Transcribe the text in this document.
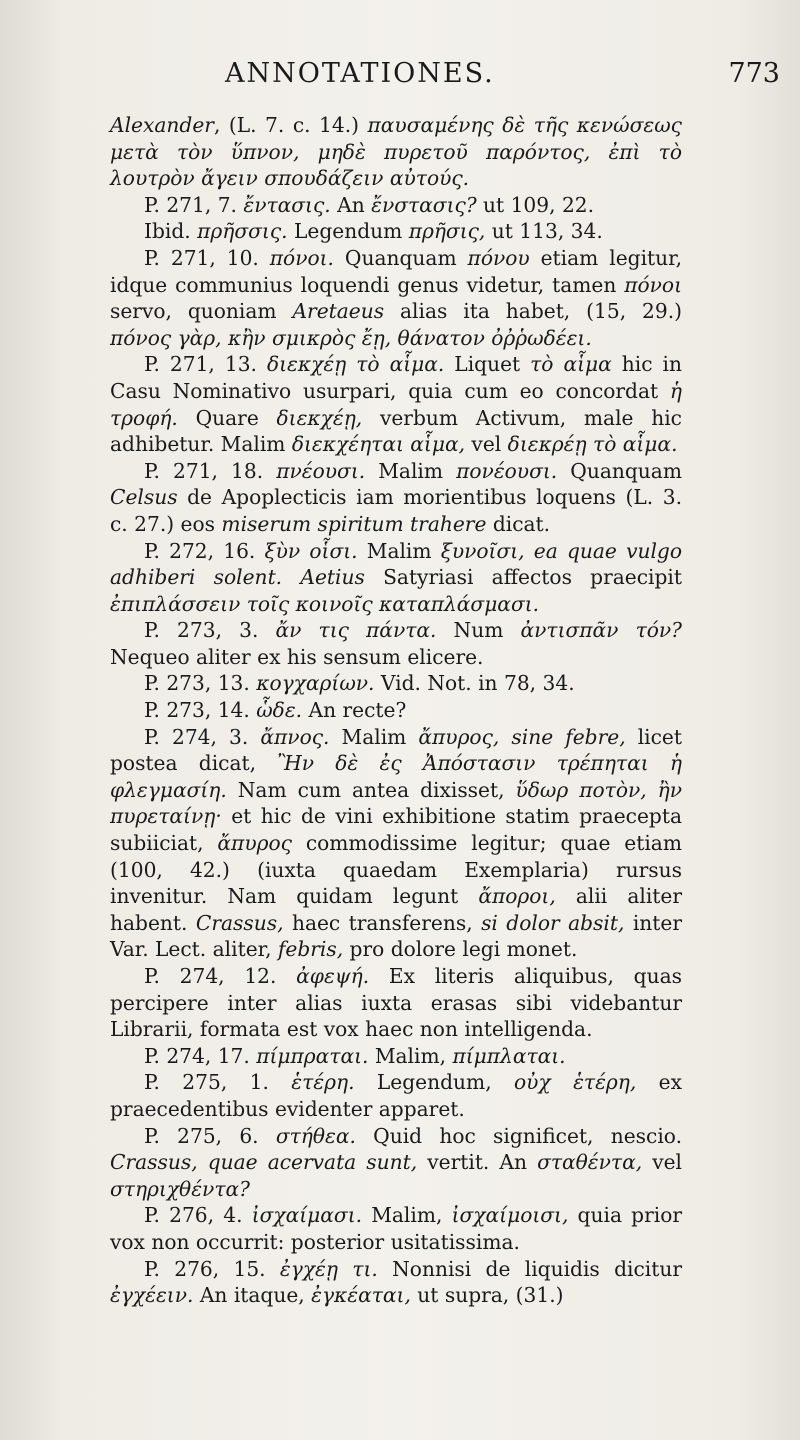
ANNOTATIONES.	773

Alexander, (L. 7. c. 14.) παυσαμένης δὲ τῆς κενώσεως μετὰ τὸν ὕπνον, μηδὲ πυρετοῦ παρόντος, ἐπὶ τὸ λουτρὸν ἄγειν σπουδάζειν αὐτούς.

P. 271, 7. ἔντασις. An ἔνστασις? ut 109, 22.

Ibid. πρῆσσις. Legendum πρῆσις, ut 113, 34.

P. 271, 10. πόνοι. Quanquam πόνου etiam legitur, idque communius loquendi genus videtur, tamen πόνοι servo, quoniam Aretaeus alias ita habet, (15, 29.) πόνος γὰρ, κἢν σμικρὸς ἔῃ, θάνατον ὀῤῥωδέει.

P. 271, 13. διεκχέῃ τὸ αἷμα. Liquet τὸ αἷμα hic in Casu Nominativo usurpari, quia cum eo concordat ἡ τροφή. Quare διεκχέῃ, verbum Activum, male hic adhibetur. Malim διεκχέηται αἷμα, vel διεκρέῃ τὸ αἷμα.

P. 271, 18. πνέουσι. Malim πονέουσι. Quanquam Celsus de Apoplecticis iam morientibus loquens (L. 3. c. 27.) eos miserum spiritum trahere dicat.

P. 272, 16. ξὺν οἷσι. Malim ξυνοῖσι, ea quae vulgo adhiberi solent. Aetius Satyriasi affectos praecipit ἐπιπλάσσειν τοῖς κοινοῖς καταπλάσμασι.

P. 273, 3. ἄν τις πάντα. Num ἀντισπᾶν τόν? Nequeo aliter ex his sensum elicere.

P. 273, 13. κογχαρίων. Vid. Not. in 78, 34.

P. 273, 14. ὧδε. An recte?

P. 274, 3. ἄπνος. Malim ἄπυρος, sine febre, licet postea dicat, Ἢν δὲ ἐς Ἀπόστασιν τρέπηται ἡ φλεγμασίη. Nam cum antea dixisset, ὕδωρ ποτὸν, ἢν πυρεταίνῃ· et hic de vini exhibitione statim praecepta subiiciat, ἄπυρος commodissime legitur; quae etiam (100, 42.) (iuxta quaedam Exemplaria) rursus invenitur. Nam quidam legunt ἄποροι, alii aliter habent. Crassus, haec transferens, si dolor absit, inter Var. Lect. aliter, febris, pro dolore legi monet.

P. 274, 12. ἀφεψή. Ex literis aliquibus, quas percipere inter alias iuxta erasas sibi videbantur Librarii, formata est vox haec non intelligenda.

P. 274, 17. πίμπραται. Malim, πίμπλαται.

P. 275, 1. ἑτέρη. Legendum, οὐχ ἑτέρη, ex praecedentibus evidenter apparet.

P. 275, 6. στήθεα. Quid hoc significet, nescio. Crassus, quae acervata sunt, vertit. An σταθέντα, vel στηριχθέντα?

P. 276, 4. ἰσχαίμασι. Malim, ἰσχαίμοισι, quia prior vox non occurrit: posterior usitatissima.

P. 276, 15. ἐγχέῃ τι. Nonnisi de liquidis dicitur ἐγχέειν. An itaque, ἐγκέαται, ut supra, (31.)
